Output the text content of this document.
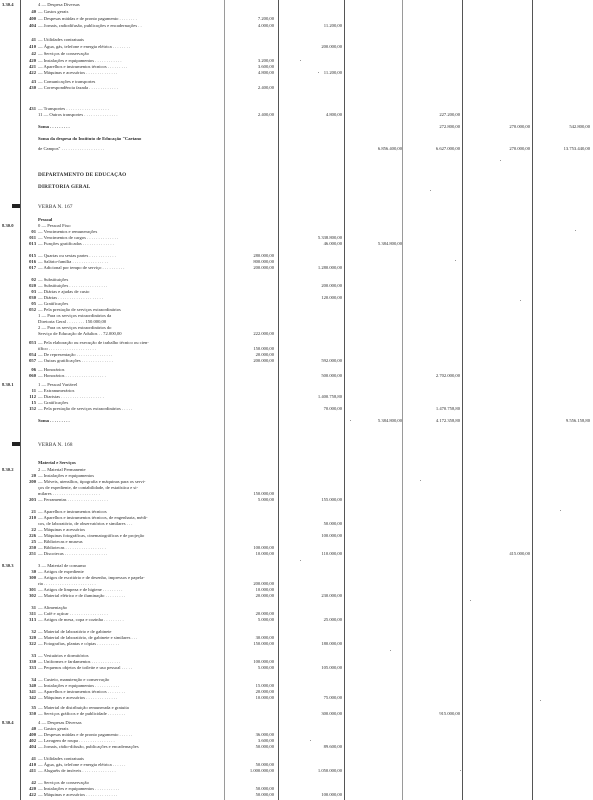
3.30.4	4 — Despesa Diversas
40 — Gastos gerais
400 — Despesas miúdas e de pronto pagamento . . . . . . . .	7.200,00
404 — Jornais, radiodifusão, publicações e encadernações . .	4.000,00	11.200,00
41 — Utilidades contratuais
410 — Água, gás, telefone e energia elétrica . . . . . . . .	200.000,00
42 — Serviços de conservação
420 — Instalações e equipamentos . . . . . . . . . . . .	3.200,00
421 — Aparelhos e instrumentos técnicos . . . . . . . . .	3.600,00
422 — Máquinas e acessórios . . . . . . . . . . . . . .	4.800,00	11.200,00
43 — Comunicações e transportes
430 — Correspondência fazada . . . . . . . . . . . . .	2.400,00
431 — Transportes . . . . . . . . . . . . . . . . . . .
11 — Outros transportes . . . . . . . . . . . . . . .	2.400,00	4.800,00	227.200,00
Soma . . . . . . . . .	272.800,00	270.000,00	542.800,00
Soma da despesa do Instituto de Educação "Caetano
de Campos" . . . . . . . . . . . . . . . . . . .	6.856.400,00	6.627.000,00	270.000,00	13.753.440,00
DEPARTAMENTO DE EDUCAÇÃO
DIRETORIA GERAL
VERBA N. 167
Pessoal
8.30.0	0 — Pessoal Fixo
01 — Vencimentos e remunerações
011 — Vencimentos de cargos . . . . . . . . . . . . . .	5.338.800,00
013 — Funções gratificadas . . . . . . . . . . . . . .	46.000,00	5.384.800,00
015 — Quartas ou sextas partes . . . . . . . . . . . .	280.000,00
016 — Salário-família . . . . . . . . . . . . . . . .	800.000,00
017 — Adicional por tempo de serviço . . . . . . . . . .	200.000,00	1.280.000,00
02 — Substituições
020 — Substituições . . . . . . . . . . . . . . . . .	200.000,00
03 — Diárias e ajudas de custo
030 — Diárias . . . . . . . . . . . . . . . . . . . .	120.000,00
05 — Gratificações
052 — Pela prestação de serviços extraordinários
1 — Para os serviços extraordinários da
Diretoria Geral . . . . . . . . 150.000,00
2 — Para os serviços extraordinários do
Serviço de Educação de Adultos . . 72.000,00	222.000,00
053 — Pela elaboração ou execução de trabalho técnico ou cien-
tífico . . . . . . . . . . . . . . . . . . . . .	150.000,00
054 — De representação . . . . . . . . . . . . . . . .	20.000,00
057 — Outras gratificações . . . . . . . . . . . . . .	200.000,00	592.000,00
06 — Honorários
060 — Honorários . . . . . . . . . . . . . . . . . .	500.000,00	2.702.000,00
8.30.1	1 — Pessoal Variável
11 — Extranumerários
112 — Diaristas . . . . . . . . . . . . . . . . . . .	1.400.758,80
15 — Gratificações
152 — Pela prestação de serviços extraordinários . . . . .	70.000,00	1.470.758,80
Soma . . . . . . . . .	5.384.800,00	4.172.358,80	9.556.158,80
VERBA N. 168
Material e Serviços
8.30.2	2 — Material Permanente
20 — Instalações e equipamentos
200 — Móveis, utensílios, tipografia e máquinas para os servi-
ços de expediente, de contabilidade, de estatística e si-
milares . . . . . . . . . . . . . . . . . . . . .	150.000,00
203 — Ferramentas . . . . . . . . . . . . . . . . . .	5.000,00	155.000,00
21 — Aparelhos e instrumentos técnicos
210 — Aparelhos e instrumentos técnicos, de engenharia, médi-
cos, de laboratório, de observatórios e similares . . .	50.000,00
22 — Máquinas e acessórios
226 — Máquinas fotográficas, cinematográficas e de projeção	100.000,00
25 — Bibliotecas e museus
250 — Bibliotecas . . . . . . . . . . . . . . . . . .	100.000,00
251 — Discotecas . . . . . . . . . . . . . . . . . . .	10.000,00	110.000,00	415.000,00
8.30.3	3 — Material de consumo
30 — Artigos de expediente
300 — Artigos de escritório e de desenho, impressos e papela-
ria . . . . . . . . . . . . . . . . . . . . . . .	200.000,00
301 — Artigos de limpeza e de higiene . . . . . . . . .	10.000,00
302 — Material elétrico e de iluminação . . . . . . . . .	20.000,00	230.000,00
31 — Alimentação
311 — Café e açúcar . . . . . . . . . . . . . . . . .	20.000,00
313 — Artigos de mesa, copa e cozinha . . . . . . . . .	5.000,00	25.000,00
32 — Material de laboratório e de gabinete
320 — Material de laboratório, de gabinete e similares . . .	30.000,00
322 — Fotografias, plantas e cópias . . . . . . . . . .	150.000,00	180.000,00
33 — Vestuários e dormitórios
330 — Uniformes e fardamentos . . . . . . . . . . . . .	100.000,00
333 — Pequenos objetos de toilette e uso pessoal . . . . .	5.000,00	105.000,00
34 — Custeio, manutenção e conservação
340 — Instalações e equipamentos . . . . . . . . . . .	15.000,00
341 — Aparelhos e instrumentos técnicos . . . . . . . .	20.000,00
342 — Máquinas e acessórios . . . . . . . . . . . . . .	10.000,00	75.000,00
35 — Material de distribuição remunerada e gratuita
350 — Serviços gráficos e de publicidade . . . . . . . .	300.000,00	915.000,00
8.30.4	4 — Despesas Diversas
40 — Gastos gerais
400 — Despesas miúdas e de pronto pagamento . . . . . .	36.000,00
402 — Lavagem de roupa . . . . . . . . . . . . . . . .	3.600,00
404 — Jornais, rádio-difusão, publicações e encadernações	50.000,00	89.600,00
41 — Utilidades contratuais
410 — Água, gás, telefone e energia elétrica . . . . . .	50.000,00
411 — Aluguéis de imóveis . . . . . . . . . . . . . . .	1.000.000,00	1.050.000,00
42 — Serviços de conservação
420 — Instalações e equipamentos . . . . . . . . . . .	50.000,00
422 — Máquinas e acessórios . . . . . . . . . . . . . .	50.000,00	100.000,00
